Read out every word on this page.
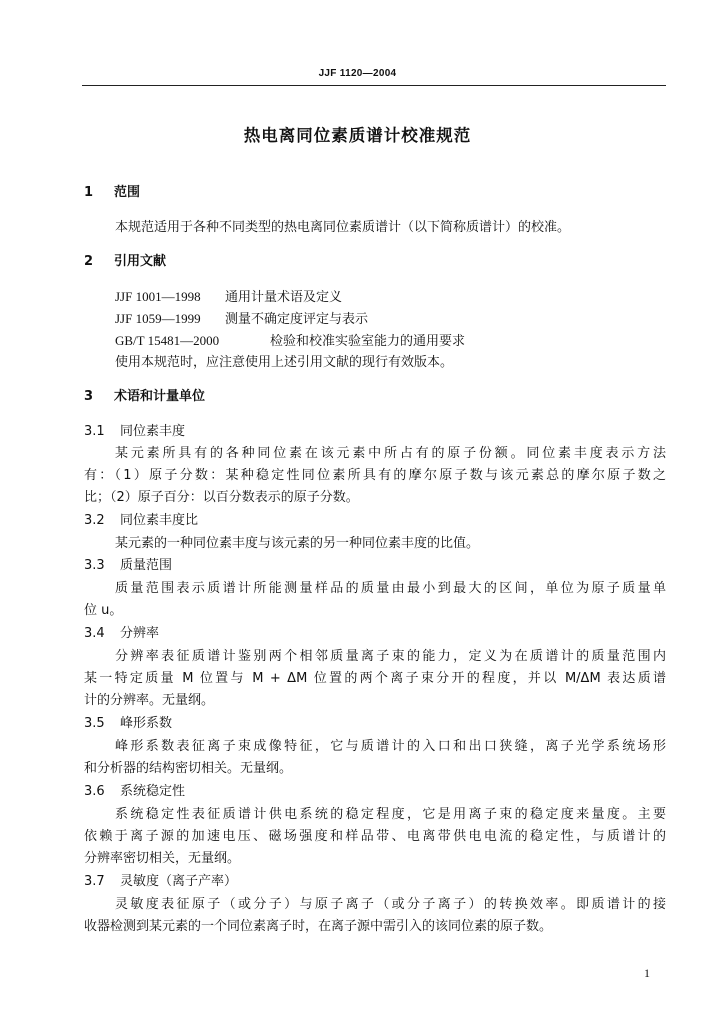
JJF 1120—2004
热电离同位素质谱计校准规范
1 范围
本规范适用于各种不同类型的热电离同位素质谱计（以下简称质谱计）的校准。
2 引用文献
JJF 1001—1998 通用计量术语及定义
JJF 1059—1999 测量不确定度评定与表示
GB/T 15481—2000	检验和校准实验室能力的通用要求
使用本规范时，应注意使用上述引用文献的现行有效版本。
3 术语和计量单位
3.1 同位素丰度
某元素所具有的各种同位素在该元素中所占有的原子份额。同位素丰度表示方法
有：（1）原子分数：某种稳定性同位素所具有的摩尔原子数与该元素总的摩尔原子数之
比；（2）原子百分：以百分数表示的原子分数。
3.2 同位素丰度比
某元素的一种同位素丰度与该元素的另一种同位素丰度的比值。
3.3 质量范围
质量范围表示质谱计所能测量样品的质量由最小到最大的区间，单位为原子质量单
位 u。
3.4 分辨率
分辨率表征质谱计鉴别两个相邻质量离子束的能力，定义为在质谱计的质量范围内
某一特定质量 M 位置与 M + ΔM 位置的两个离子束分开的程度，并以 M/ΔM 表达质谱
计的分辨率。无量纲。
3.5 峰形系数
峰形系数表征离子束成像特征，它与质谱计的入口和出口狭缝，离子光学系统场形
和分析器的结构密切相关。无量纲。
3.6 系统稳定性
系统稳定性表征质谱计供电系统的稳定程度，它是用离子束的稳定度来量度。主要
依赖于离子源的加速电压、磁场强度和样品带、电离带供电电流的稳定性，与质谱计的
分辨率密切相关，无量纲。
3.7 灵敏度（离子产率）
灵敏度表征原子（或分子）与原子离子（或分子离子）的转换效率。即质谱计的接
收器检测到某元素的一个同位素离子时，在离子源中需引入的该同位素的原子数。
1
